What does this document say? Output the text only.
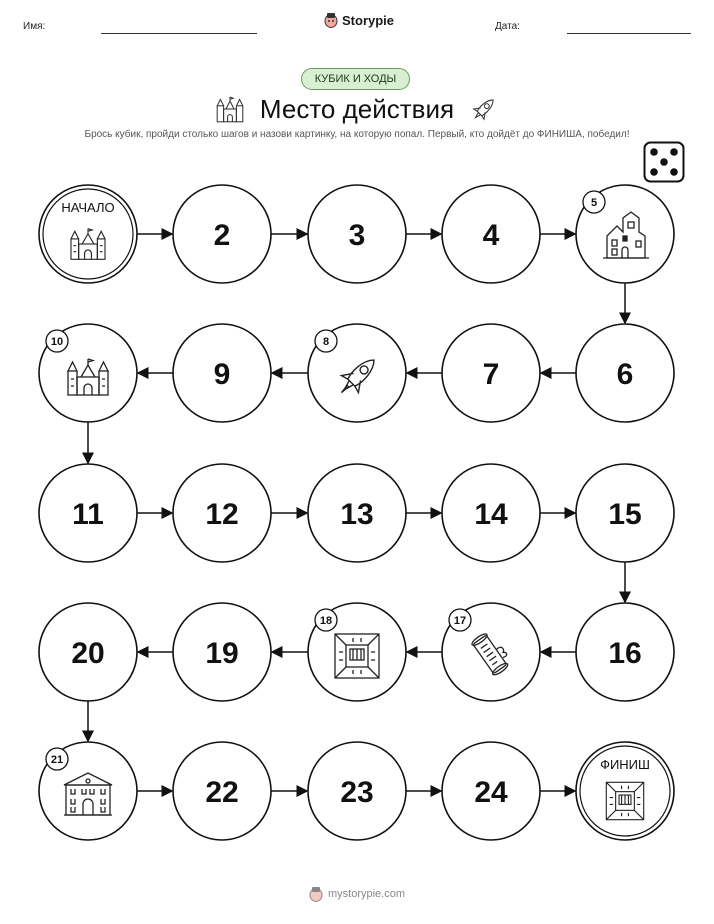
Имя:	Storypie	Дата:
КУБИК И ХОДЫ
Место действия
Брось кубик, пройди столько шагов и назови картинку, на которую попал. Первый, кто дойдёт до ФИНИША, победил!
НАЧАЛО
2	3	4
5
6
7
8
9
10
11	12	13	14	15
16
17
18
19
20
21
22	23	24
ФИНИШ
mystorypie.com
